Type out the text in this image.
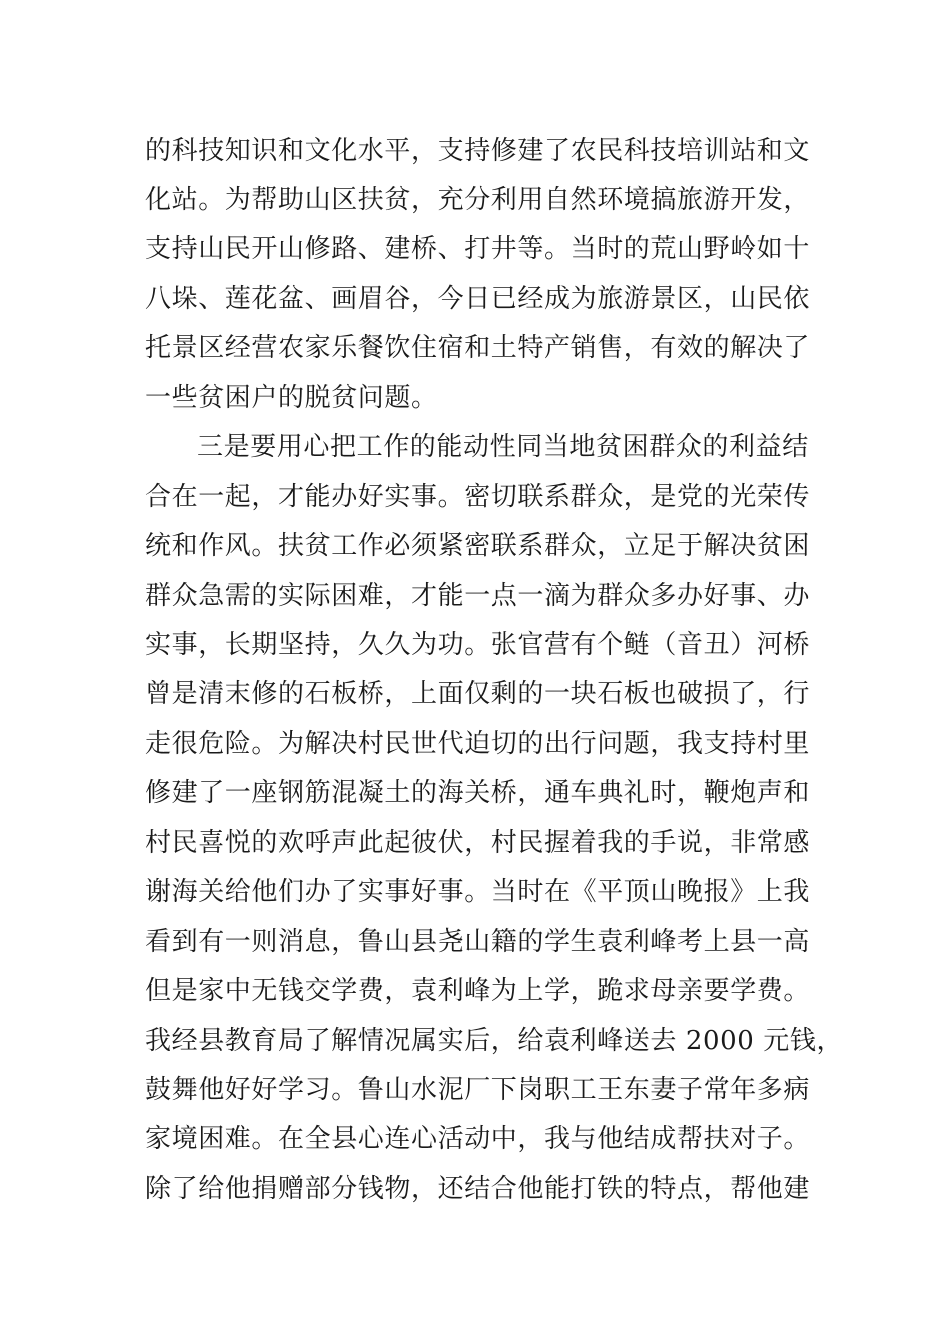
的科技知识和文化水平，支持修建了农民科技培训站和文

化站。为帮助山区扶贫，充分利用自然环境搞旅游开发，

支持山民开山修路、建桥、打井等。当时的荒山野岭如十

八垛、莲花盆、画眉谷，今日已经成为旅游景区，山民依

托景区经营农家乐餐饮住宿和土特产销售，有效的解决了

一些贫困户的脱贫问题。

三是要用心把工作的能动性同当地贫困群众的利益结

合在一起，才能办好实事。密切联系群众，是党的光荣传

统和作风。扶贫工作必须紧密联系群众，立足于解决贫困

群众急需的实际困难，才能一点一滴为群众多办好事、办

实事，长期坚持，久久为功。张官营有个鲢（音丑）河桥

曾是清末修的石板桥，上面仅剩的一块石板也破损了，行

走很危险。为解决村民世代迫切的出行问题，我支持村里

修建了一座钢筋混凝土的海关桥，通车典礼时，鞭炮声和

村民喜悦的欢呼声此起彼伏，村民握着我的手说，非常感

谢海关给他们办了实事好事。当时在《平顶山晚报》上我

看到有一则消息，鲁山县尧山籍的学生袁利峰考上县一高

但是家中无钱交学费，袁利峰为上学，跪求母亲要学费。

我经县教育局了解情况属实后，给袁利峰送去 2000 元钱，

鼓舞他好好学习。鲁山水泥厂下岗职工王东妻子常年多病

家境困难。在全县心连心活动中，我与他结成帮扶对子。

除了给他捐赠部分钱物，还结合他能打铁的特点，帮他建
